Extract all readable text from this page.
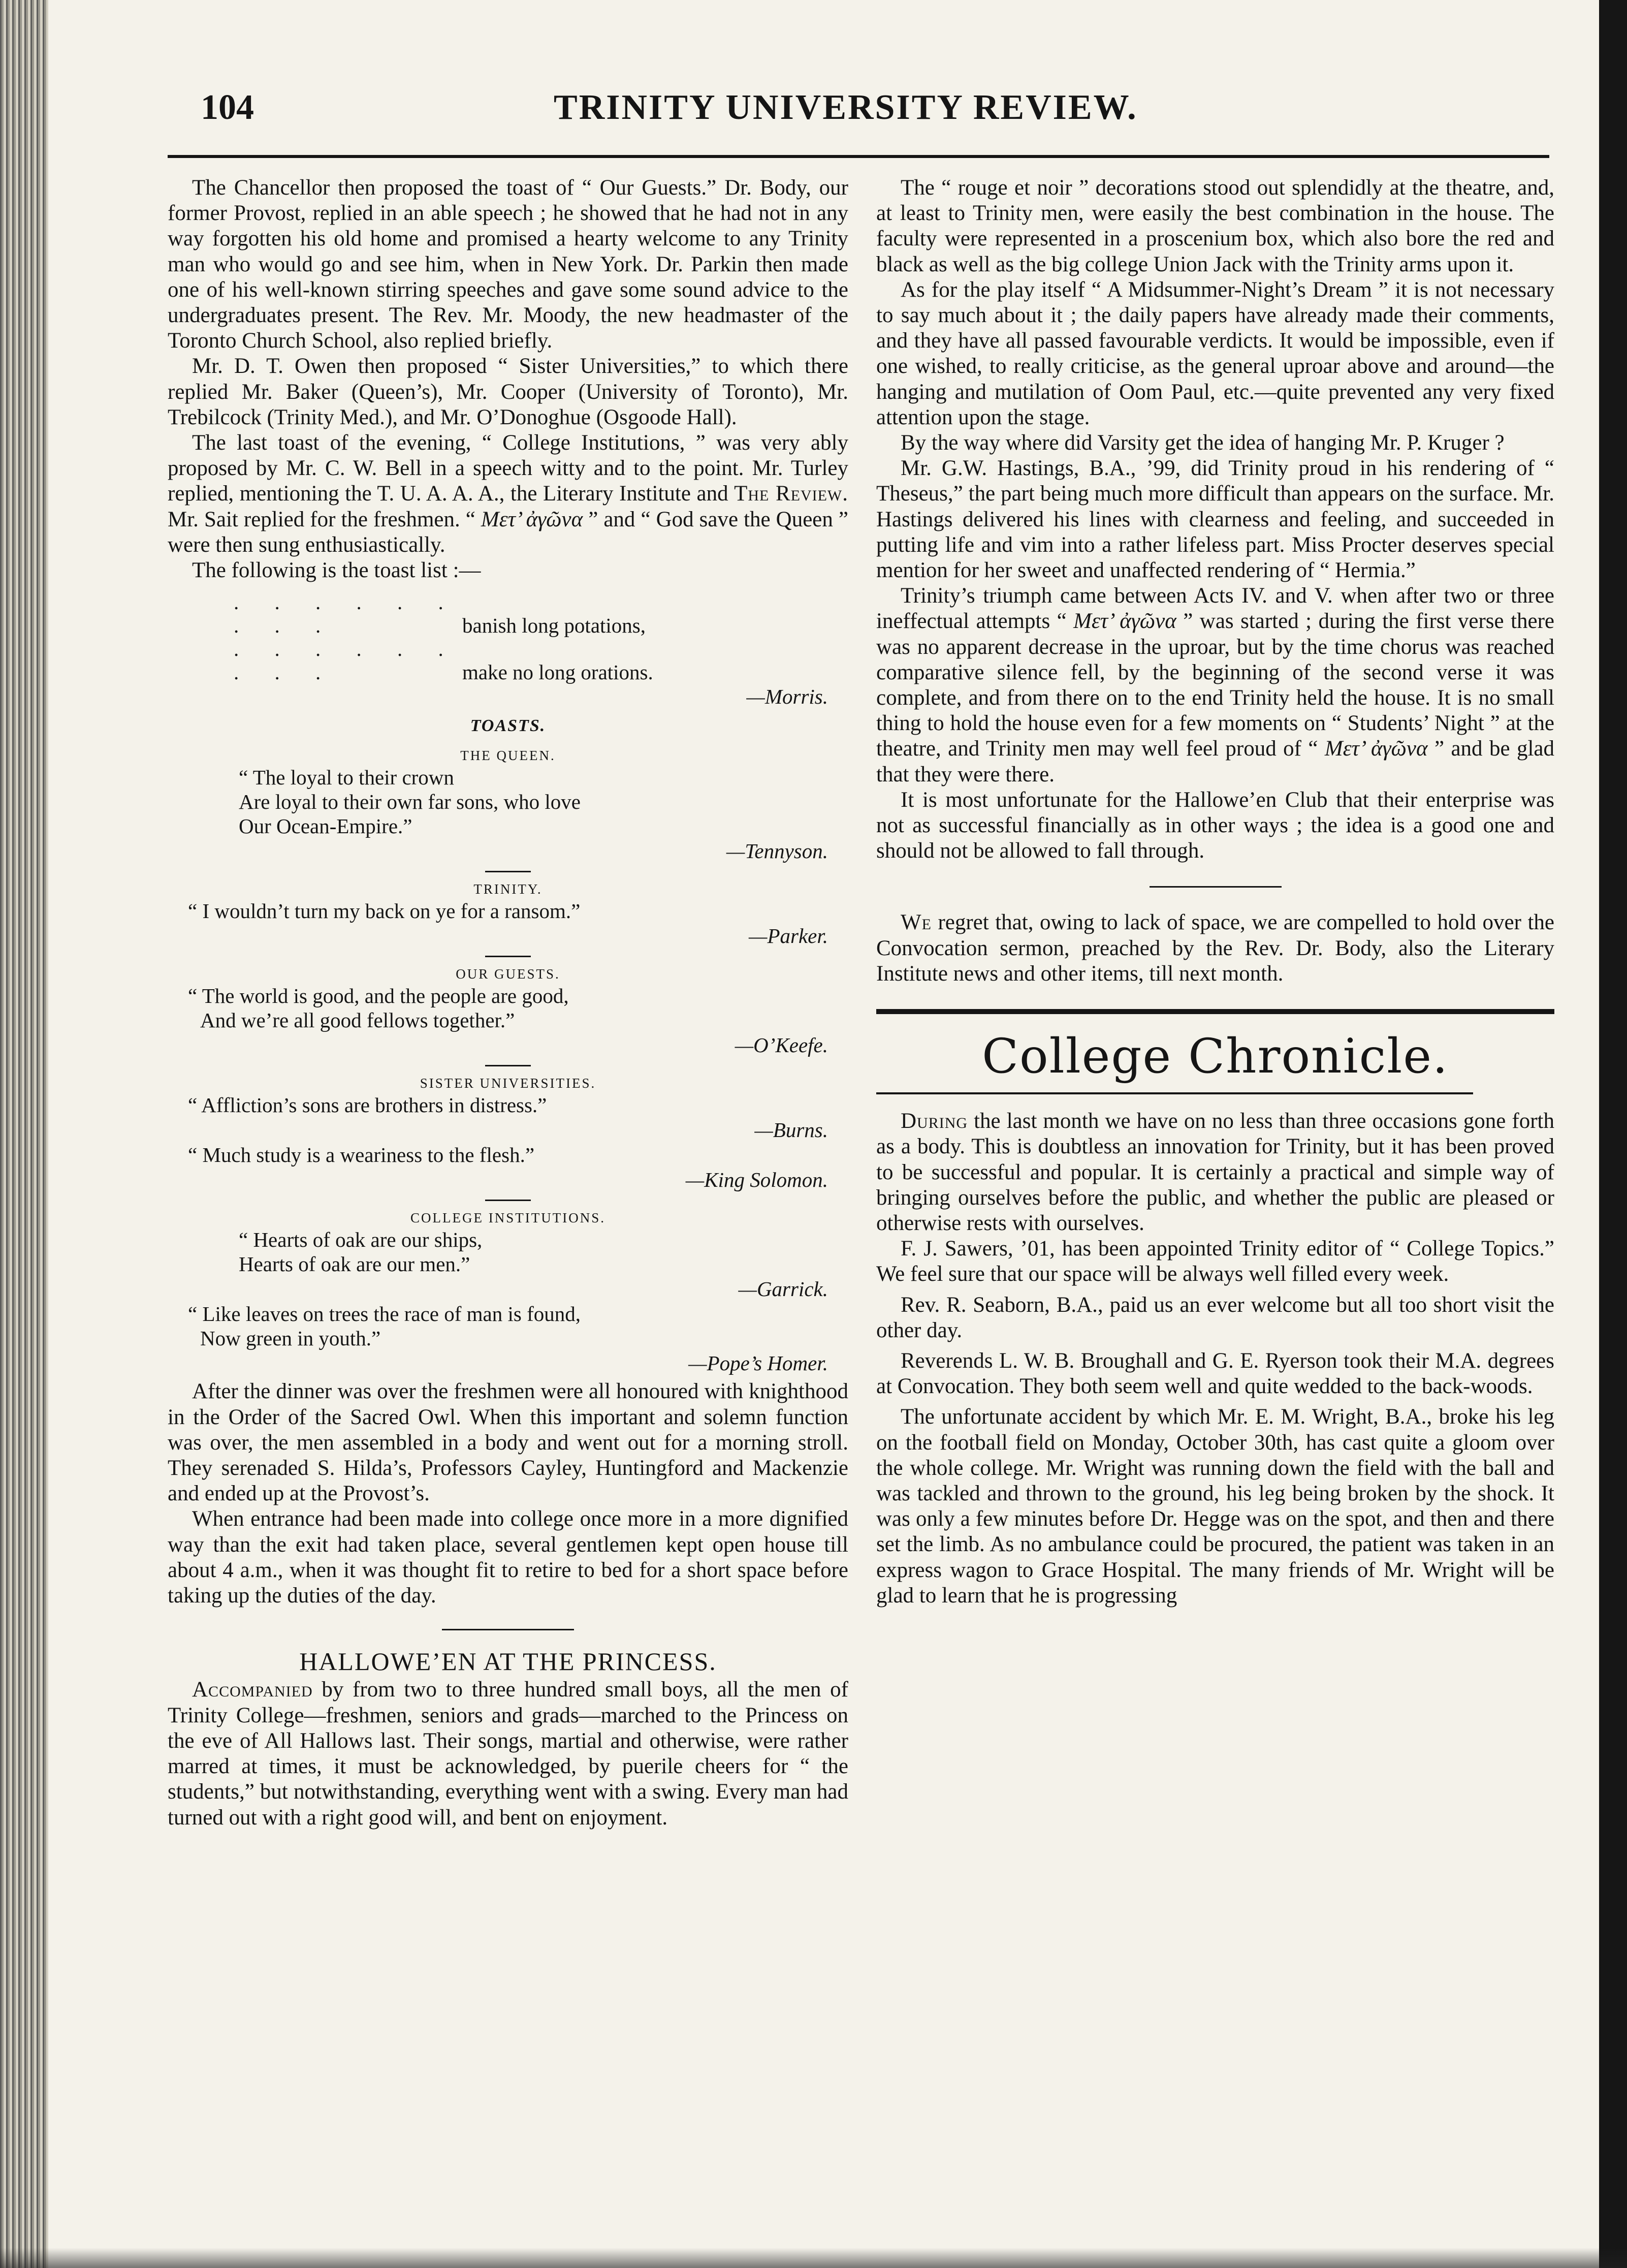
104	TRINITY UNIVERSITY REVIEW.

The Chancellor then proposed the toast of “ Our Guests.” Dr. Body, our former Provost, replied in an able speech ; he showed that he had not in any way forgotten his old home and promised a hearty welcome to any Trinity man who would go and see him, when in New York. Dr. Parkin then made one of his well-known stirring speeches and gave some sound advice to the undergraduates present. The Rev. Mr. Moody, the new headmaster of the Toronto Church School, also replied briefly.

Mr. D. T. Owen then proposed “ Sister Universities,” to which there replied Mr. Baker (Queen’s), Mr. Cooper (University of Toronto), Mr. Trebilcock (Trinity Med.), and Mr. O’Donoghue (Osgoode Hall).

The last toast of the evening, “ College Institutions, ” was very ably proposed by Mr. C. W. Bell in a speech witty and to the point. Mr. Turley replied, mentioning the T. U. A. A. A., the Literary Institute and The Review. Mr. Sait replied for the freshmen. “ Μετ’ ἀγῶνα ” and “ God save the Queen ” were then sung enthusiastically.

The following is the toast list :—

. . . . . . . . .	banish long potations,
. . . . . . . . .	make no long orations.
—Morris.
TOASTS.
THE QUEEN.
“ The loyal to their crown
Are loyal to their own far sons, who love
Our Ocean-Empire.”
—Tennyson.
TRINITY.
“ I wouldn’t turn my back on ye for a ransom.”
—Parker.
OUR GUESTS.
“ The world is good, and the people are good,
And we’re all good fellows together.”
—O’Keefe.
SISTER UNIVERSITIES.
“ Affliction’s sons are brothers in distress.”
—Burns.
“ Much study is a weariness to the flesh.”
—King Solomon.
COLLEGE INSTITUTIONS.
“ Hearts of oak are our ships,
Hearts of oak are our men.”
—Garrick.
“ Like leaves on trees the race of man is found,
Now green in youth.”
—Pope’s Homer.

After the dinner was over the freshmen were all honoured with knighthood in the Order of the Sacred Owl. When this important and solemn function was over, the men assembled in a body and went out for a morning stroll. They serenaded S. Hilda’s, Professors Cayley, Huntingford and Mackenzie and ended up at the Provost’s.

When entrance had been made into college once more in a more dignified way than the exit had taken place, several gentlemen kept open house till about 4 a.m., when it was thought fit to retire to bed for a short space before taking up the duties of the day.

HALLOWE’EN AT THE PRINCESS.

Accompanied by from two to three hundred small boys, all the men of Trinity College—freshmen, seniors and grads—marched to the Princess on the eve of All Hallows last. Their songs, martial and otherwise, were rather marred at times, it must be acknowledged, by puerile cheers for “ the students,” but notwithstanding, everything went with a swing. Every man had turned out with a right good will, and bent on enjoyment.

The “ rouge et noir ” decorations stood out splendidly at the theatre, and, at least to Trinity men, were easily the best combination in the house. The faculty were represented in a proscenium box, which also bore the red and black as well as the big college Union Jack with the Trinity arms upon it.

As for the play itself “ A Midsummer-Night’s Dream ” it is not necessary to say much about it ; the daily papers have already made their comments, and they have all passed favourable verdicts. It would be impossible, even if one wished, to really criticise, as the general uproar above and around—the hanging and mutilation of Oom Paul, etc.—quite prevented any very fixed attention upon the stage.

By the way where did Varsity get the idea of hanging Mr. P. Kruger ?

Mr. G.W. Hastings, B.A., ’99, did Trinity proud in his rendering of “ Theseus,” the part being much more difficult than appears on the surface. Mr. Hastings delivered his lines with clearness and feeling, and succeeded in putting life and vim into a rather lifeless part. Miss Procter deserves special mention for her sweet and unaffected rendering of “ Hermia.”

Trinity’s triumph came between Acts IV. and V. when after two or three ineffectual attempts “ Μετ’ ἀγῶνα ” was started ; during the first verse there was no apparent decrease in the uproar, but by the time chorus was reached comparative silence fell, by the beginning of the second verse it was complete, and from there on to the end Trinity held the house. It is no small thing to hold the house even for a few moments on “ Students’ Night ” at the theatre, and Trinity men may well feel proud of “ Μετ’ ἀγῶνα ” and be glad that they were there.

It is most unfortunate for the Hallowe’en Club that their enterprise was not as successful financially as in other ways ; the idea is a good one and should not be allowed to fall through.

We regret that, owing to lack of space, we are compelled to hold over the Convocation sermon, preached by the Rev. Dr. Body, also the Literary Institute news and other items, till next month.

College Chronicle.

During the last month we have on no less than three occasions gone forth as a body. This is doubtless an innovation for Trinity, but it has been proved to be successful and popular. It is certainly a practical and simple way of bringing ourselves before the public, and whether the public are pleased or otherwise rests with ourselves.

F. J. Sawers, ’01, has been appointed Trinity editor of “ College Topics.” We feel sure that our space will be always well filled every week.

Rev. R. Seaborn, B.A., paid us an ever welcome but all too short visit the other day.

Reverends L. W. B. Broughall and G. E. Ryerson took their M.A. degrees at Convocation. They both seem well and quite wedded to the back-woods.

The unfortunate accident by which Mr. E. M. Wright, B.A., broke his leg on the football field on Monday, October 30th, has cast quite a gloom over the whole college. Mr. Wright was running down the field with the ball and was tackled and thrown to the ground, his leg being broken by the shock. It was only a few minutes before Dr. Hegge was on the spot, and then and there set the limb. As no ambulance could be procured, the patient was taken in an express wagon to Grace Hospital. The many friends of Mr. Wright will be glad to learn that he is progressing
